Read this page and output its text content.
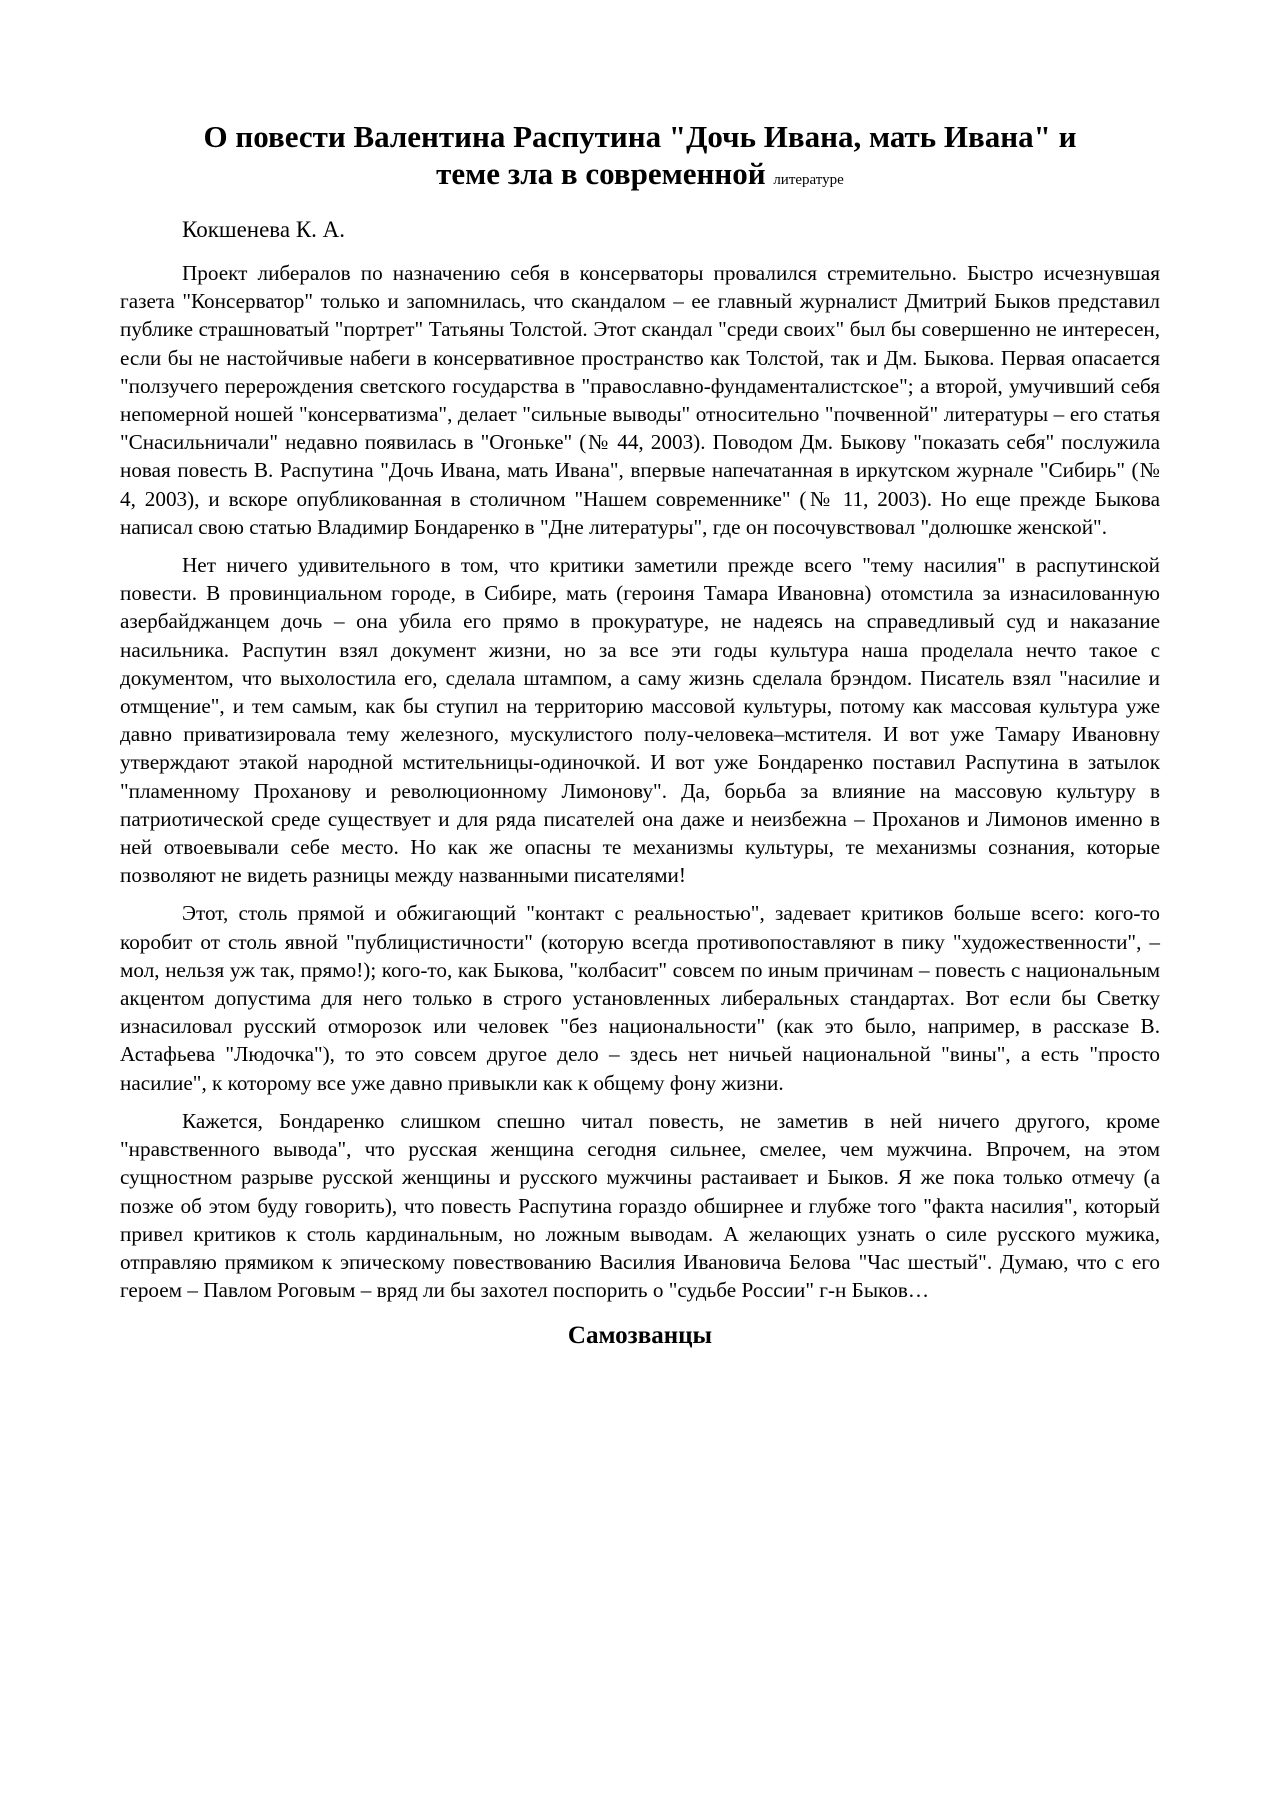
О повести Валентина Распутина "Дочь Ивана, мать Ивана" и
теме зла в современной литературе
Кокшенева К. А.

Проект либералов по назначению себя в консерваторы провалился стремительно. Быстро исчезнувшая газета "Консерватор" только и запомнилась, что скандалом – ее главный журналист Дмитрий Быков представил публике страшноватый "портрет" Татьяны Толстой. Этот скандал "среди своих" был бы совершенно не интересен, если бы не настойчивые набеги в консервативное пространство как Толстой, так и Дм. Быкова. Первая опасается "ползучего перерождения светского государства в "православно-фундаменталистское"; а второй, умучивший себя непомерной ношей "консерватизма", делает "сильные выводы" относительно "почвенной" литературы – его статья "Снасильничали" недавно появилась в "Огоньке" (№ 44, 2003). Поводом Дм. Быкову "показать себя" послужила новая повесть В. Распутина "Дочь Ивана, мать Ивана", впервые напечатанная в иркутском журнале "Сибирь" (№ 4, 2003), и вскоре опубликованная в столичном "Нашем современнике" (№ 11, 2003). Но еще прежде Быкова написал свою статью Владимир Бондаренко в "Дне литературы", где он посочувствовал "долюшке женской".

Нет ничего удивительного в том, что критики заметили прежде всего "тему насилия" в распутинской повести. В провинциальном городе, в Сибире, мать (героиня Тамара Ивановна) отомстила за изнасилованную азербайджанцем дочь – она убила его прямо в прокуратуре, не надеясь на справедливый суд и наказание насильника. Распутин взял документ жизни, но за все эти годы культура наша проделала нечто такое с документом, что выхолостила его, сделала штампом, а саму жизнь сделала брэндом. Писатель взял "насилие и отмщение", и тем самым, как бы ступил на территорию массовой культуры, потому как массовая культура уже давно приватизировала тему железного, мускулистого полу-человека–мстителя. И вот уже Тамару Ивановну утверждают этакой народной мстительницы-одиночкой. И вот уже Бондаренко поставил Распутина в затылок "пламенному Проханову и революционному Лимонову". Да, борьба за влияние на массовую культуру в патриотической среде существует и для ряда писателей она даже и неизбежна – Проханов и Лимонов именно в ней отвоевывали себе место. Но как же опасны те механизмы культуры, те механизмы сознания, которые позволяют не видеть разницы между названными писателями!

Этот, столь прямой и обжигающий "контакт с реальностью", задевает критиков больше всего: кого-то коробит от столь явной "публицистичности" (которую всегда противопоставляют в пику "художественности", – мол, нельзя уж так, прямо!); кого-то, как Быкова, "колбасит" совсем по иным причинам – повесть с национальным акцентом допустима для него только в строго установленных либеральных стандартах. Вот если бы Светку изнасиловал русский отморозок или человек "без национальности" (как это было, например, в рассказе В. Астафьева "Людочка"), то это совсем другое дело – здесь нет ничьей национальной "вины", а есть "просто насилие", к которому все уже давно привыкли как к общему фону жизни.

Кажется, Бондаренко слишком спешно читал повесть, не заметив в ней ничего другого, кроме "нравственного вывода", что русская женщина сегодня сильнее, смелее, чем мужчина. Впрочем, на этом сущностном разрыве русской женщины и русского мужчины растаивает и Быков. Я же пока только отмечу (а позже об этом буду говорить), что повесть Распутина гораздо обширнее и глубже того "факта насилия", который привел критиков к столь кардинальным, но ложным выводам. А желающих узнать о силе русского мужика, отправляю прямиком к эпическому повествованию Василия Ивановича Белова "Час шестый". Думаю, что с его героем – Павлом Роговым – вряд ли бы захотел поспорить о "судьбе России" г-н Быков…

Самозванцы
